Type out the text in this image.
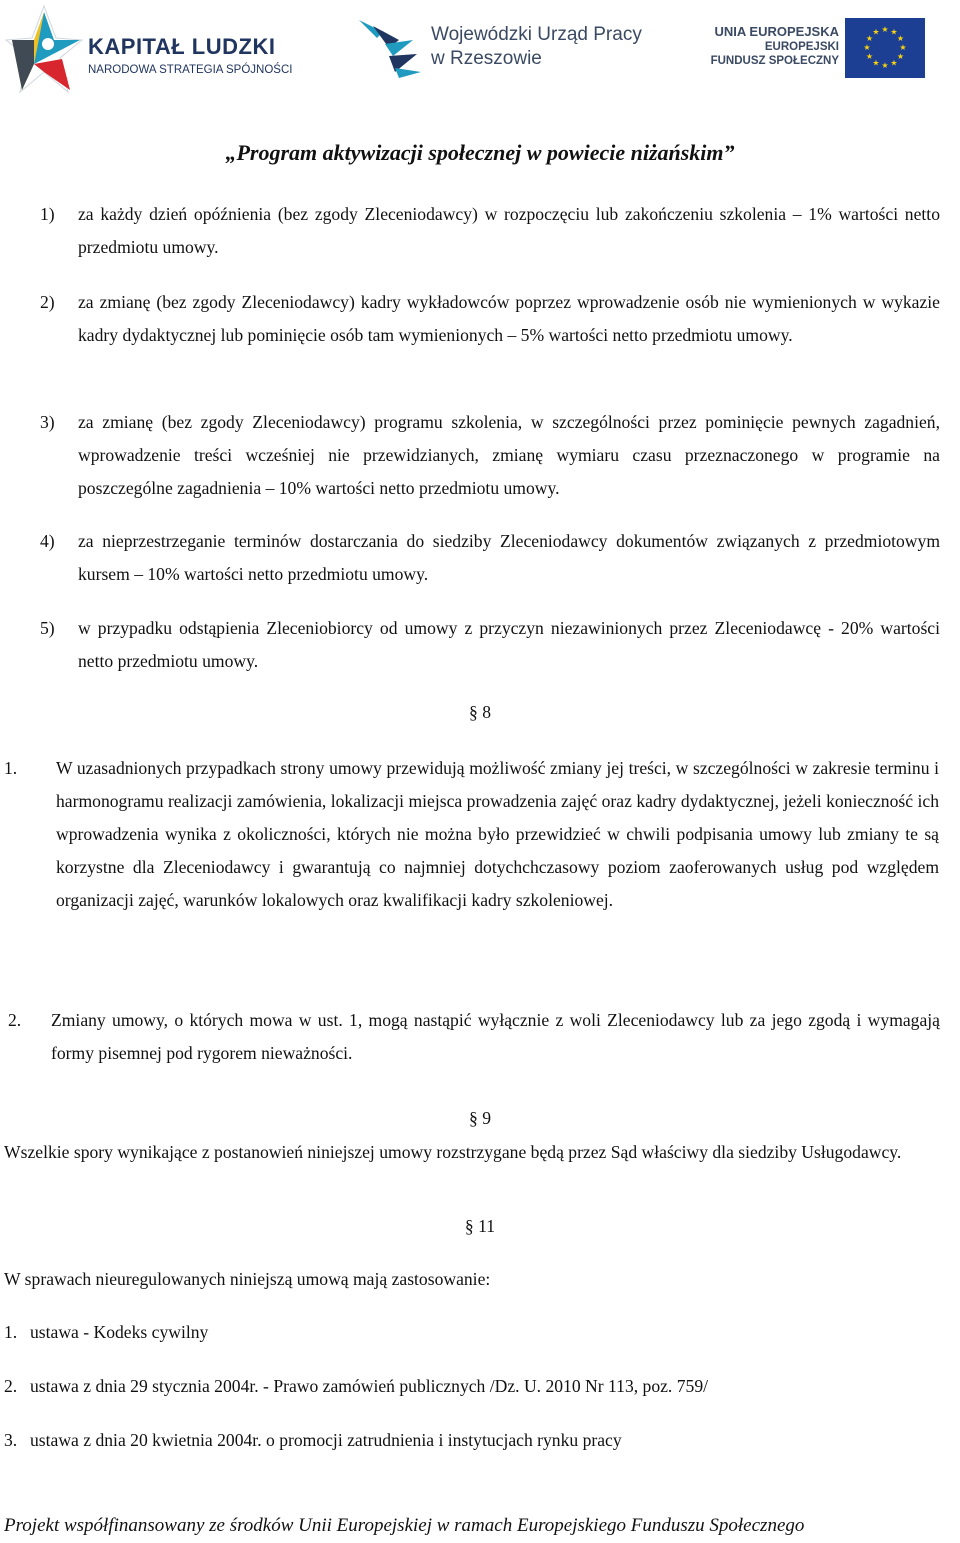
KAPITAŁ LUDZKI
NARODOWA STRATEGIA SPÓJNOŚCI
Wojewódzki Urząd Pracy
w Rzeszowie
UNIA EUROPEJSKA
EUROPEJSKI
FUNDUSZ SPOŁECZNY
★ ★
★
★
★
★
★
★
★
★
★
★
„Program aktywizacji społecznej w powiecie niżańskim”
1) za każdy dzień opóźnienia (bez zgody Zleceniodawcy) w rozpoczęciu lub zakończeniu szkolenia – 1% wartości netto przedmiotu umowy.
2) za zmianę (bez zgody Zleceniodawcy) kadry wykładowców poprzez wprowadzenie osób nie wymienionych w wykazie kadry dydaktycznej lub pominięcie osób tam wymienionych – 5% wartości netto przedmiotu umowy.
3) za zmianę (bez zgody Zleceniodawcy) programu szkolenia, w szczególności przez pominięcie pewnych zagadnień, wprowadzenie treści wcześniej nie przewidzianych, zmianę wymiaru czasu przeznaczonego w programie na poszczególne zagadnienia – 10% wartości netto przedmiotu umowy.
4) za nieprzestrzeganie terminów dostarczania do siedziby Zleceniodawcy dokumentów związanych z przedmiotowym kursem – 10% wartości netto przedmiotu umowy.
5) w przypadku odstąpienia Zleceniobiorcy od umowy z przyczyn niezawinionych przez Zleceniodawcę - 20% wartości netto przedmiotu umowy.
§ 8
1. W uzasadnionych przypadkach strony umowy przewidują możliwość zmiany jej treści, w szczególności w zakresie terminu i harmonogramu realizacji zamówienia, lokalizacji miejsca prowadzenia zajęć oraz kadry dydaktycznej, jeżeli konieczność ich wprowadzenia wynika z okoliczności, których nie można było przewidzieć w chwili podpisania umowy lub zmiany te są korzystne dla Zleceniodawcy i gwarantują co najmniej dotychchczasowy poziom zaoferowanych usług pod względem organizacji zajęć, warunków lokalowych oraz kwalifikacji kadry szkoleniowej.
2. Zmiany umowy, o których mowa w ust. 1, mogą nastąpić wyłącznie z woli Zleceniodawcy lub za jego zgodą i wymagają formy pisemnej pod rygorem nieważności.
§ 9
Wszelkie spory wynikające z postanowień niniejszej umowy rozstrzygane będą przez Sąd właściwy dla siedziby Usługodawcy.
§ 11
W sprawach nieuregulowanych niniejszą umową mają zastosowanie:
1. ustawa - Kodeks cywilny
2. ustawa z dnia 29 stycznia 2004r. - Prawo zamówień publicznych /Dz. U. 2010 Nr 113, poz. 759/
3. ustawa z dnia 20 kwietnia 2004r. o promocji zatrudnienia i instytucjach rynku pracy
Projekt współfinansowany ze środków Unii Europejskiej w ramach Europejskiego Funduszu Społecznego
